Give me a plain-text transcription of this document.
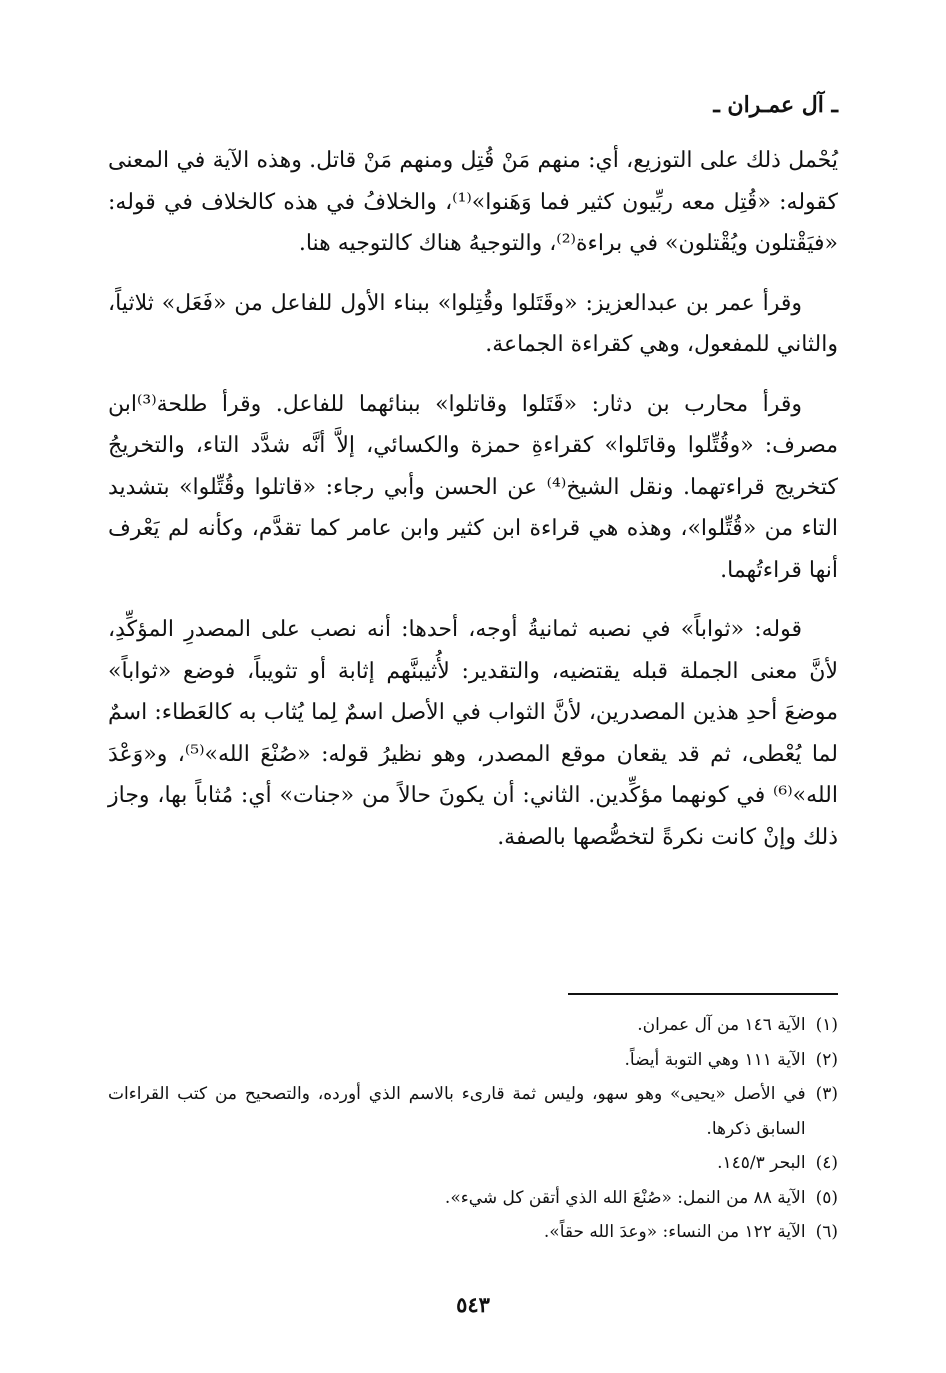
ـ آل عمـران ـ

يُحْمل ذلك على التوزيع، أي: منهم مَنْ قُتِل ومنهم مَنْ قاتل. وهذه الآية في المعنى كقوله: «قُتِل معه ربِّيون كثير فما وَهَنوا»⁽¹⁾، والخلافُ في هذه كالخلاف في قوله: «فيَقْتلون ويُقْتلون» في براءة⁽²⁾، والتوجيهُ هناك كالتوجيه هنا.

وقرأ عمر بن عبدالعزيز: «وقَتَلوا وقُتِلوا» ببناء الأول للفاعل من «فَعَل» ثلاثياً، والثاني للمفعول، وهي كقراءة الجماعة.

وقرأ محارب بن دثار: «قَتَلوا وقاتلوا» ببنائهما للفاعل. وقرأ طلحة⁽³⁾ابن مصرف: «وقُتِّلوا وقاتَلوا» كقراءةِ حمزة والكسائي، إلاَّ أنَّه شدَّد التاء، والتخريجُ كتخريج قراءتهما. ونقل الشيخ⁽⁴⁾ عن الحسن وأبي رجاء: «قاتلوا وقُتِّلوا» بتشديد التاء من «قُتِّلوا»، وهذه هي قراءة ابن كثير وابن عامر كما تقدَّم، وكأنه لم يَعْرف أنها قراءتُهما.

قوله: «ثواباً» في نصبه ثمانيةُ أوجه، أحدها: أنه نصب على المصدرِ المؤكِّدِ، لأنَّ معنى الجملة قبله يقتضيه، والتقدير: لأُثيبنَّهم إثابة أو تثويباً، فوضع «ثواباً» موضعَ أحدِ هذين المصدرين، لأنَّ الثواب في الأصل اسمٌ لِما يُثاب به كالعَطاء: اسمٌ لما يُعْطى، ثم قد يقعان موقع المصدر، وهو نظيرُ قوله: «صُنْعَ الله»⁽⁵⁾، و«وَعْدَ الله»⁽⁶⁾ في كونهما مؤكِّدين. الثاني: أن يكونَ حالاً من «جنات» أي: مُثاباً بها، وجاز ذلك وإنْ كانت نكرةً لتخصُّصها بالصفة.

(١)
الآية ١٤٦ من آل عمران.
(٢)
الآية ١١١ وهي التوبة أيضاً.
(٣)
في الأصل «يحيى» وهو سهو، وليس ثمة قارىء بالاسم الذي أورده، والتصحيح من كتب القراءات السابق ذكرها.
(٤)
البحر ١٤٥/٣.
(٥)
الآية ٨٨ من النمل: «صُنْعَ الله الذي أتقن كل شيء».
(٦)
الآية ١٢٢ من النساء: «وعدَ الله حقاً».
٥٤٣
